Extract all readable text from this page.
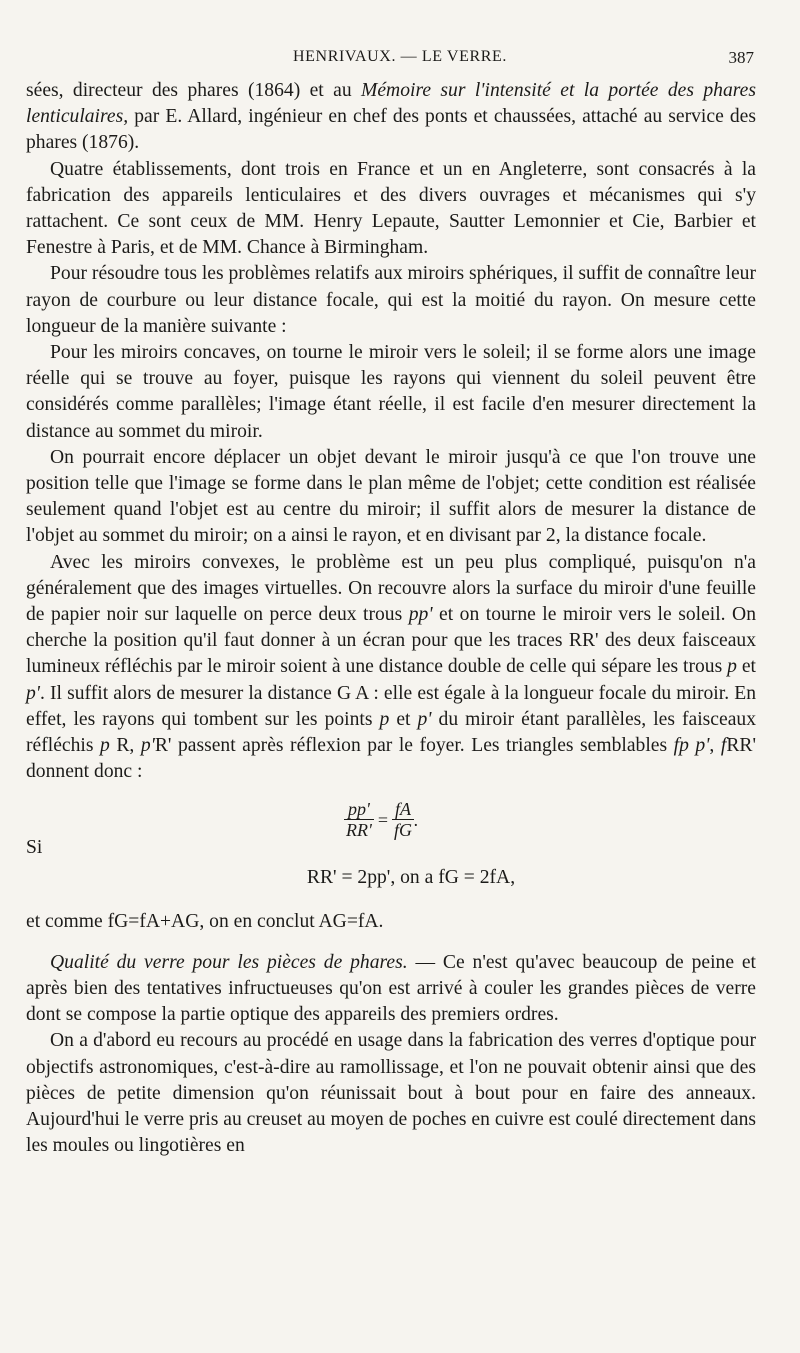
HENRIVAUX. — LE VERRE.	387

sées, directeur des phares (1864) et au Mémoire sur l'intensité et la portée des phares lenticulaires, par E. Allard, ingénieur en chef des ponts et chaussées, attaché au service des phares (1876).

Quatre établissements, dont trois en France et un en Angleterre, sont consacrés à la fabrication des appareils lenticulaires et des divers ouvrages et mécanismes qui s'y rattachent. Ce sont ceux de MM. Henry Lepaute, Sautter Lemonnier et Cie, Barbier et Fenestre à Paris, et de MM. Chance à Birmingham.

Pour résoudre tous les problèmes relatifs aux miroirs sphériques, il suffit de connaître leur rayon de courbure ou leur distance focale, qui est la moitié du rayon. On mesure cette longueur de la manière suivante :

Pour les miroirs concaves, on tourne le miroir vers le soleil; il se forme alors une image réelle qui se trouve au foyer, puisque les rayons qui viennent du soleil peuvent être considérés comme parallèles; l'image étant réelle, il est facile d'en mesurer directement la distance au sommet du miroir.

On pourrait encore déplacer un objet devant le miroir jusqu'à ce que l'on trouve une position telle que l'image se forme dans le plan même de l'objet; cette condition est réalisée seulement quand l'objet est au centre du miroir; il suffit alors de mesurer la distance de l'objet au sommet du miroir; on a ainsi le rayon, et en divisant par 2, la distance focale.

Avec les miroirs convexes, le problème est un peu plus compliqué, puisqu'on n'a généralement que des images virtuelles. On recouvre alors la surface du miroir d'une feuille de papier noir sur laquelle on perce deux trous pp' et on tourne le miroir vers le soleil. On cherche la position qu'il faut donner à un écran pour que les traces RR' des deux faisceaux lumineux réfléchis par le miroir soient à une distance double de celle qui sépare les trous p et p'. Il suffit alors de mesurer la distance G A : elle est égale à la longueur focale du miroir. En effet, les rayons qui tombent sur les points p et p' du miroir étant parallèles, les faisceaux réfléchis p R, p'R' passent après réflexion par le foyer. Les triangles semblables fp p', fRR' donnent donc :

$\frac{pp'}{RR'} = \frac{fA}{fG}$ .
Si
RR' = 2pp', on a fG = 2fA,

et comme fG=fA+AG, on en conclut AG=fA.

Qualité du verre pour les pièces de phares. — Ce n'est qu'avec beaucoup de peine et après bien des tentatives infructueuses qu'on est arrivé à couler les grandes pièces de verre dont se compose la partie optique des appareils des premiers ordres.

On a d'abord eu recours au procédé en usage dans la fabrication des verres d'optique pour objectifs astronomiques, c'est-à-dire au ramollissage, et l'on ne pouvait obtenir ainsi que des pièces de petite dimension qu'on réunissait bout à bout pour en faire des anneaux. Aujourd'hui le verre pris au creuset au moyen de poches en cuivre est coulé directement dans les moules ou lingotières en
